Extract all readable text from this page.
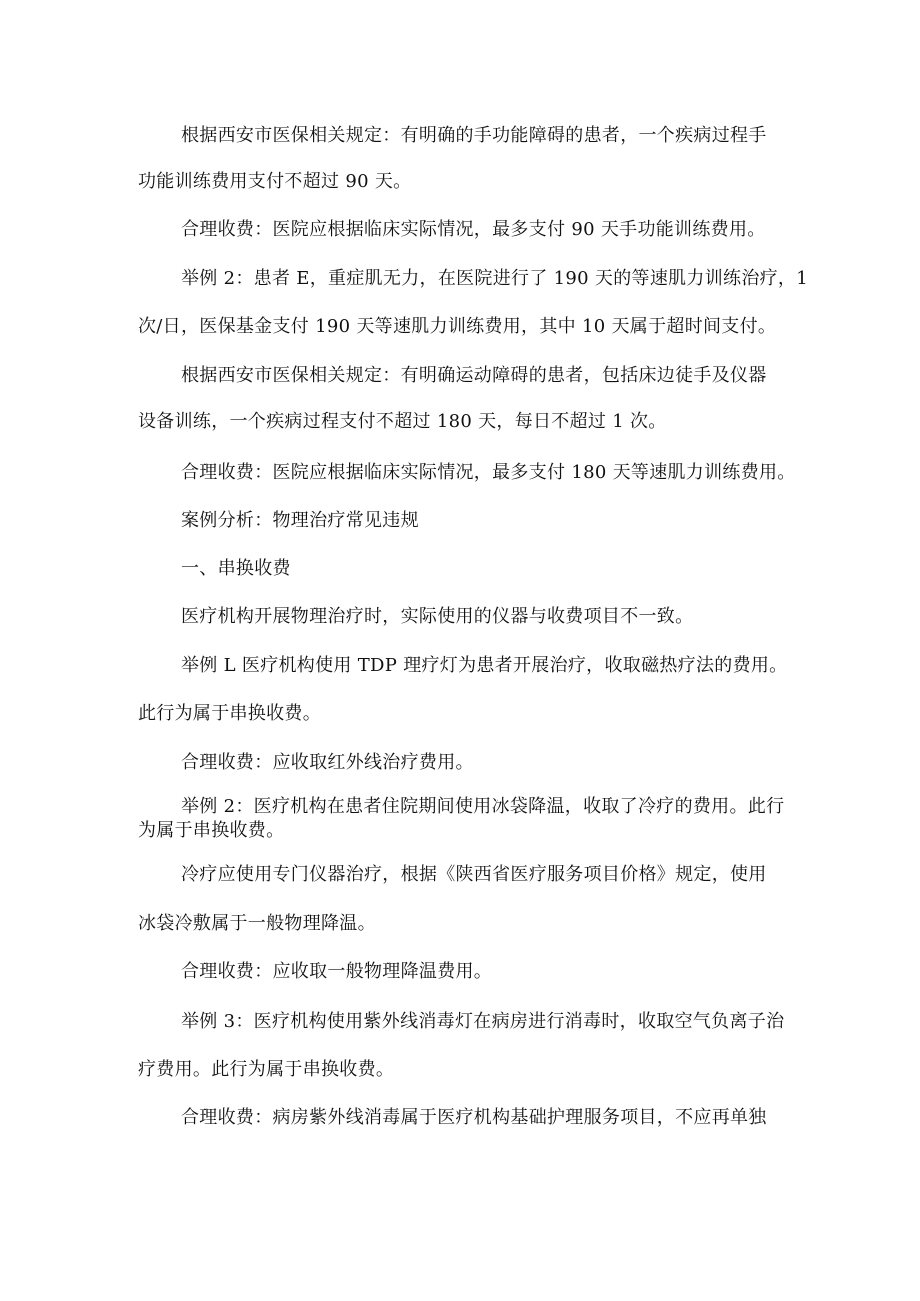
根据西安市医保相关规定：有明确的手功能障碍的患者，一个疾病过程手
功能训练费用支付不超过 90 天。
合理收费：医院应根据临床实际情况，最多支付 90 天手功能训练费用。
举例 2：患者 E，重症肌无力，在医院进行了 190 天的等速肌力训练治疗，1
次/日，医保基金支付 190 天等速肌力训练费用，其中 10 天属于超时间支付。
根据西安市医保相关规定：有明确运动障碍的患者，包括床边徒手及仪器
设备训练，一个疾病过程支付不超过 180 天，每日不超过 1 次。
合理收费：医院应根据临床实际情况，最多支付 180 天等速肌力训练费用。
案例分析：物理治疗常见违规
一、串换收费
医疗机构开展物理治疗时，实际使用的仪器与收费项目不一致。
举例 L 医疗机构使用 TDP 理疗灯为患者开展治疗，收取磁热疗法的费用。
此行为属于串换收费。
合理收费：应收取红外线治疗费用。
举例 2：医疗机构在患者住院期间使用冰袋降温，收取了冷疗的费用。此行
为属于串换收费。
冷疗应使用专门仪器治疗，根据《陕西省医疗服务项目价格》规定，使用
冰袋冷敷属于一般物理降温。
合理收费：应收取一般物理降温费用。
举例 3：医疗机构使用紫外线消毒灯在病房进行消毒时，收取空气负离子治
疗费用。此行为属于串换收费。
合理收费：病房紫外线消毒属于医疗机构基础护理服务项目，不应再单独
